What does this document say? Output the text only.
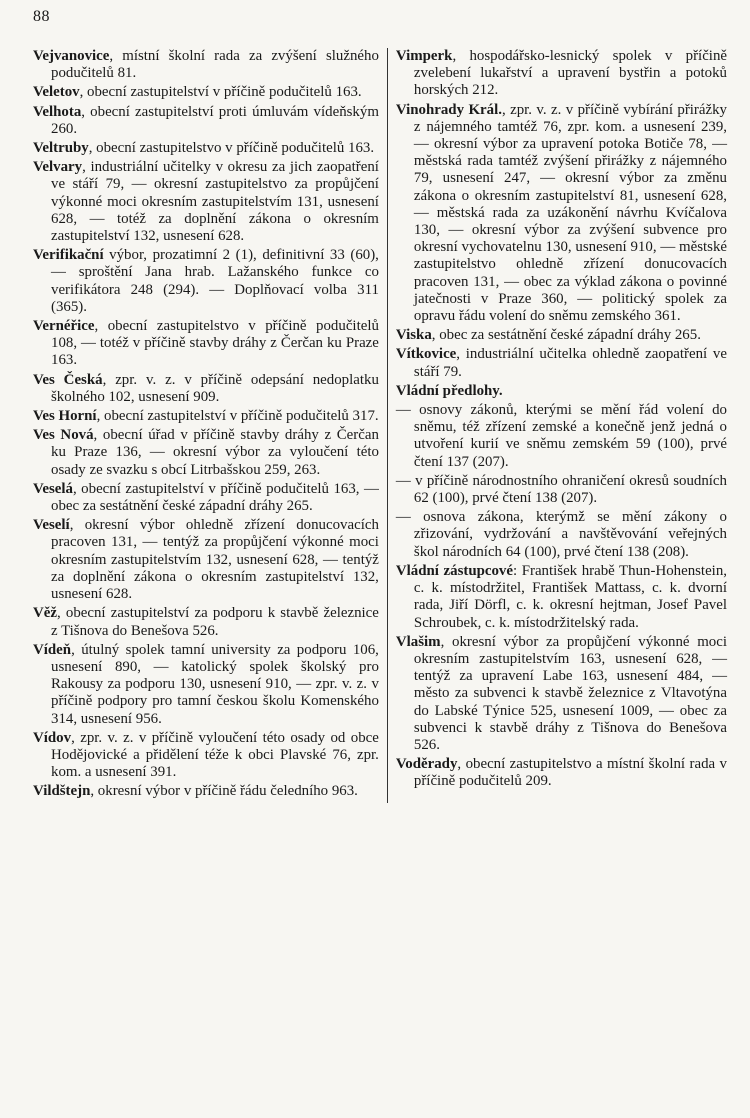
88

Vejvanovice, místní školní rada za zvýšení služného podučitelů 81.

Veletov, obecní zastupitelství v příčině podučitelů 163.

Velhota, obecní zastupitelství proti úmluvám vídeňským 260.

Veltruby, obecní zastupitelstvo v příčině podučitelů 163.

Velvary, industriální učitelky v okresu za jich zaopatření ve stáří 79, — okresní zastupitelstvo za propůjčení výkonné moci okresním zastupitelstvím 131, usnesení 628, — totéž za doplnění zákona o okresním zastupitelství 132, usnesení 628.

Verifikační výbor, prozatimní 2 (1), definitivní 33 (60), — sproštění Jana hrab. Lažanského funkce co verifikátora 248 (294). — Doplňovací volba 311 (365).

Vernéřice, obecní zastupitelstvo v příčině podučitelů 108, — totéž v příčině stavby dráhy z Čerčan ku Praze 163.

Ves Česká, zpr. v. z. v příčině odepsání nedoplatku školného 102, usnesení 909.

Ves Horní, obecní zastupitelství v příčině podučitelů 317.

Ves Nová, obecní úřad v příčině stavby dráhy z Čerčan ku Praze 136, — okresní výbor za vyloučení této osady ze svazku s obcí Litrbašskou 259, 263.

Veselá, obecní zastupitelství v příčině podučitelů 163, — obec za sestátnění české západní dráhy 265.

Veselí, okresní výbor ohledně zřízení donucovacích pracoven 131, — tentýž za propůjčení výkonné moci okresním zastupitelstvím 132, usnesení 628, — tentýž za doplnění zákona o okresním zastupitelství 132, usnesení 628.

Věž, obecní zastupitelství za podporu k stavbě železnice z Tišnova do Benešova 526.

Vídeň, útulný spolek tamní university za podporu 106, usnesení 890, — katolický spolek školský pro Rakousy za podporu 130, usnesení 910, — zpr. v. z. v příčině podpory pro tamní českou školu Komenského 314, usnesení 956.

Vídov, zpr. v. z. v příčině vyloučení této osady od obce Hodějovické a přidělení téže k obci Plavské 76, zpr. kom. a usnesení 391.

Vildštejn, okresní výbor v příčině řádu čeledního 963.

Vimperk, hospodářsko-lesnický spolek v příčině zvelebení lukařství a upravení bystřin a potoků horských 212.

Vinohrady Král., zpr. v. z. v příčině vybírání přirážky z nájemného tamtéž 76, zpr. kom. a usnesení 239, — okresní výbor za upravení potoka Botiče 78, — městská rada tamtéž zvýšení přirážky z nájemného 79, usnesení 247, — okresní výbor za změnu zákona o okresním zastupitelství 81, usnesení 628, — městská rada za uzákonění návrhu Kvíčalova 130, — okresní výbor za zvýšení subvence pro okresní vychovatelnu 130, usnesení 910, — městské zastupitelstvo ohledně zřízení donucovacích pracoven 131, — obec za výklad zákona o povinné jatečnosti v Praze 360, — politický spolek za opravu řádu volení do sněmu zemského 361.

Viska, obec za sestátnění české západní dráhy 265.

Vítkovice, industriální učitelka ohledně zaopatření ve stáří 79.

Vládní předlohy.

— osnovy zákonů, kterými se mění řád volení do sněmu, též zřízení zemské a konečně jenž jedná o utvoření kurií ve sněmu zemském 59 (100), prvé čtení 137 (207).

— v příčině národnostního ohraničení okresů soudních 62 (100), prvé čtení 138 (207).

— osnova zákona, kterýmž se mění zákony o zřizování, vydržování a navštěvování veřejných škol národních 64 (100), prvé čtení 138 (208).

Vládní zástupcové: František hrabě Thun-Hohenstein, c. k. místodržitel, František Mattass, c. k. dvorní rada, Jiří Dörfl, c. k. okresní hejtman, Josef Pavel Schroubek, c. k. místodržitelský rada.

Vlašim, okresní výbor za propůjčení výkonné moci okresním zastupitelstvím 163, usnesení 628, — tentýž za upravení Labe 163, usnesení 484, — město za subvenci k stavbě železnice z Vltavotýna do Labské Týnice 525, usnesení 1009, — obec za subvenci k stavbě dráhy z Tišnova do Benešova 526.

Voděrady, obecní zastupitelstvo a místní školní rada v příčině podučitelů 209.
